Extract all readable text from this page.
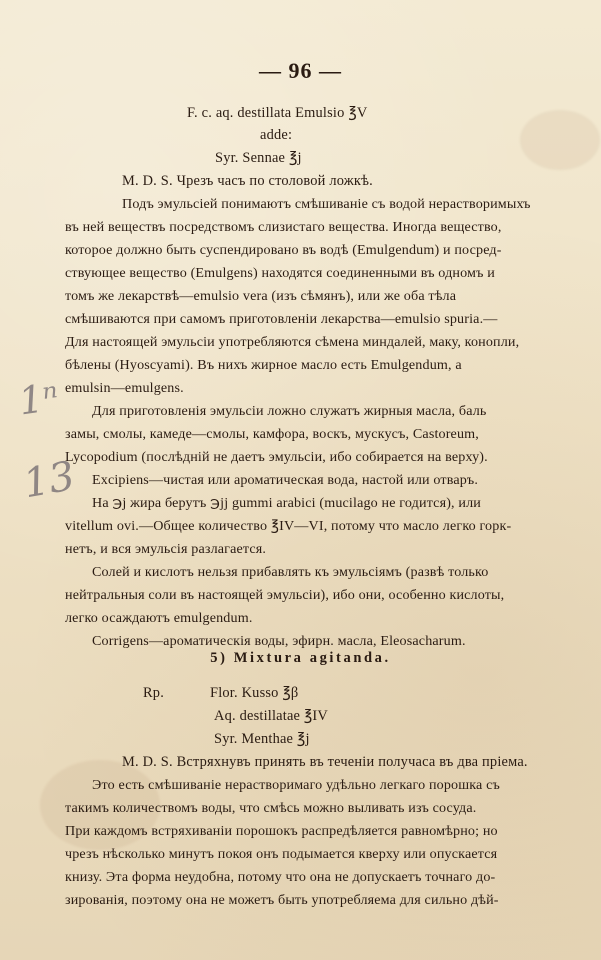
— 96 —
F. c. aq. destillata Emulsio ℥V
adde:
Syr. Sennae ℥j
M. D. S. Чрезъ часъ по столовой ложкѣ.
Подъ эмульсіей понимаютъ смѣшиваніе съ водой нерастворимыхъ
въ ней веществъ посредствомъ слизистаго вещества. Иногда вещество,
которое должно быть суспендировано въ водѣ (Emulgendum) и посред-
ствующее вещество (Emulgens) находятся соединенными въ одномъ и
томъ же лекарствѣ—emulsio vera (изъ сѣмянъ), или же оба тѣла
смѣшиваются при самомъ приготовленіи лекарства—emulsio spuria.—
Для настоящей эмульсіи употребляются сѣмена миндалей, маку, конопли,
бѣлены (Hyoscyami). Въ нихъ жирное масло есть Emulgendum, а
emulsin—emulgens.
Для приготовленія эмульсіи ложно служатъ жирныя масла, баль
замы, смолы, камеде—смолы, камфора, воскъ, мускусъ, Castoreum,
Lycopodium (послѣдній не даетъ эмульсіи, ибо собирается на верху).
Excipiens—чистая или ароматическая вода, настой или отваръ.
На ℈j жира берутъ ℈jj gummi arabici (mucilago не годится), или
vitellum ovi.—Общее количество ℥IV—VI, потому что масло легко горк-
нетъ, и вся эмульсія разлагается.
Солей и кислотъ нельзя прибавлять къ эмульсіямъ (развѣ только
нейтральныя соли въ настоящей эмульсіи), ибо они, особенно кислоты,
легко осаждаютъ emulgendum.
Corrigens—ароматическія воды, эфирн. масла, Eleosacharum.
5) Mixtura agitanda.
Rp.	Flor. Kusso ℥β
Aq. destillatae ℥IV
Syr. Menthae ℥j
M. D. S. Встряхнувъ принять въ теченіи получаса въ два пріема.
Это есть смѣшиваніе нерастворимаго удѣльно легкаго порошка съ
такимъ количествомъ воды, что смѣсь можно выливать изъ сосуда.
При каждомъ встряхиваніи порошокъ распредѣляется равномѣрно; но
чрезъ нѣсколько минутъ покоя онъ подымается кверху или опускается
книзу. Эта форма неудобна, потому что она не допускаетъ точнаго до-
зированія, поэтому она не можетъ быть употребляема для сильно дѣй-
1ⁿ
13
